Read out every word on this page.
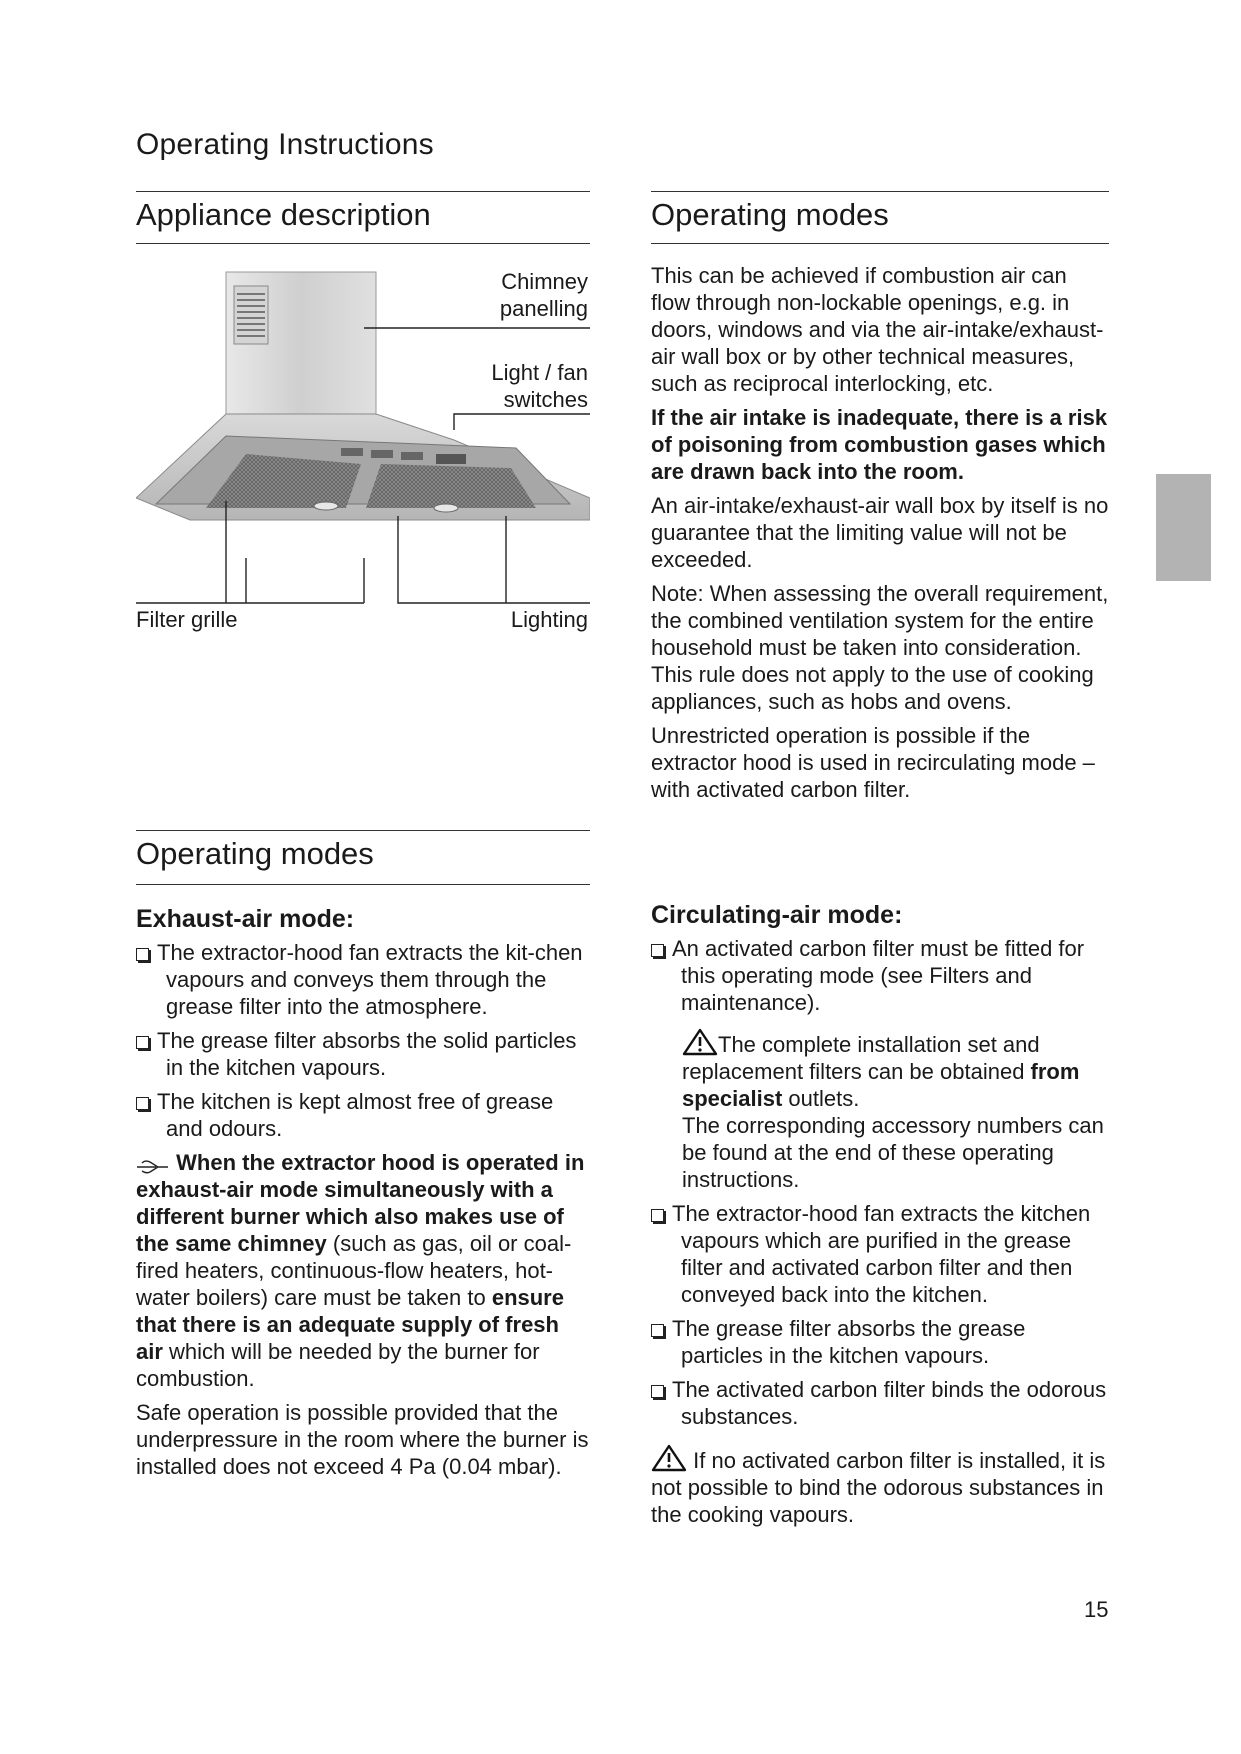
Operating Instructions
Appliance description
Chimney
panelling
Light / fan
switches
Filter grille	Lighting
Operating modes
Exhaust-air mode:

The extractor-hood fan extracts the kit-chen vapours and conveys them through the grease filter into the atmosphere.

The grease filter absorbs the solid particles in the kitchen vapours.

The kitchen is kept almost free of grease and odours.

When the extractor hood is operated in exhaust-air mode simultaneously with a different burner which also makes use of the same chimney (such as gas, oil or coal-fired heaters, continuous-flow heaters, hot-water boilers) care must be taken to ensure that there is an adequate supply of fresh air which will be needed by the burner for combustion.

Safe operation is possible provided that the underpressure in the room where the burner is installed does not exceed 4 Pa (0.04 mbar).

Operating modes

This can be achieved if combustion air can flow through non-lockable openings, e.g. in doors, windows and via the air-intake/exhaust-air wall box or by other technical measures, such as reciprocal interlocking, etc.

If the air intake is inadequate, there is a risk of poisoning from combustion gases which are drawn back into the room.

An air-intake/exhaust-air wall box by itself is no guarantee that the limiting value will not be exceeded.

Note: When assessing the overall requirement, the combined ventilation system for the entire household must be taken into consideration. This rule does not apply to the use of cooking appliances, such as hobs and ovens.

Unrestricted operation is possible if the extractor hood is used in recirculating mode – with activated carbon filter.

Circulating-air mode:

An activated carbon filter must be fitted for this operating mode (see Filters and maintenance).

The complete installation set and replacement filters can be obtained from specialist outlets.
The corresponding accessory numbers can be found at the end of these operating instructions.

The extractor-hood fan extracts the kitchen vapours which are purified in the grease filter and activated carbon filter and then conveyed back into the kitchen.

The grease filter absorbs the grease particles in the kitchen vapours.

The activated carbon filter binds the odorous substances.

If no activated carbon filter is installed, it is not possible to bind the odorous substances in the cooking vapours.

15
